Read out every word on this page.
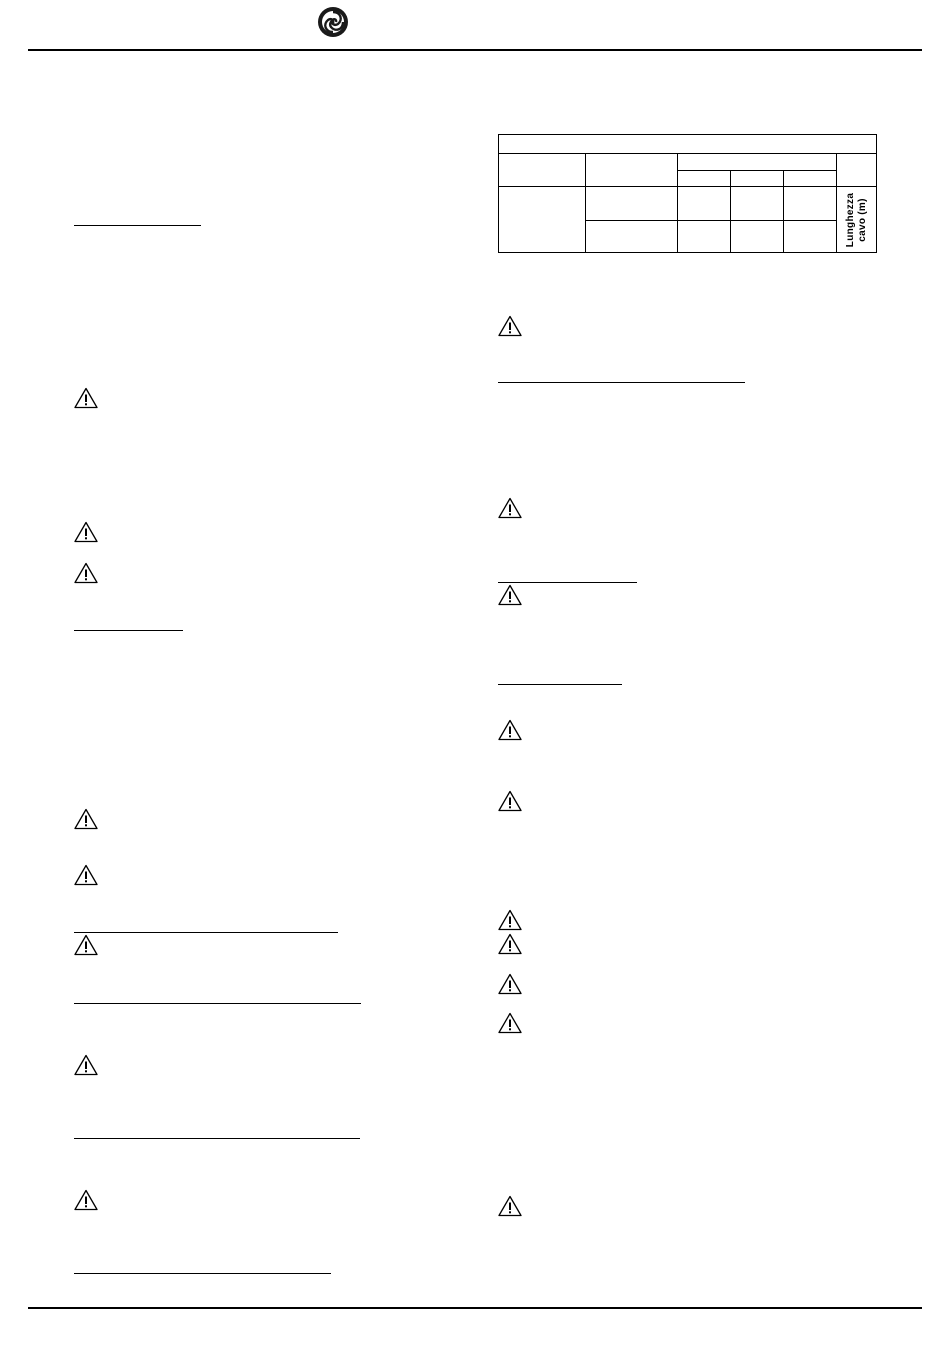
					Lunghezza cavo (m)
